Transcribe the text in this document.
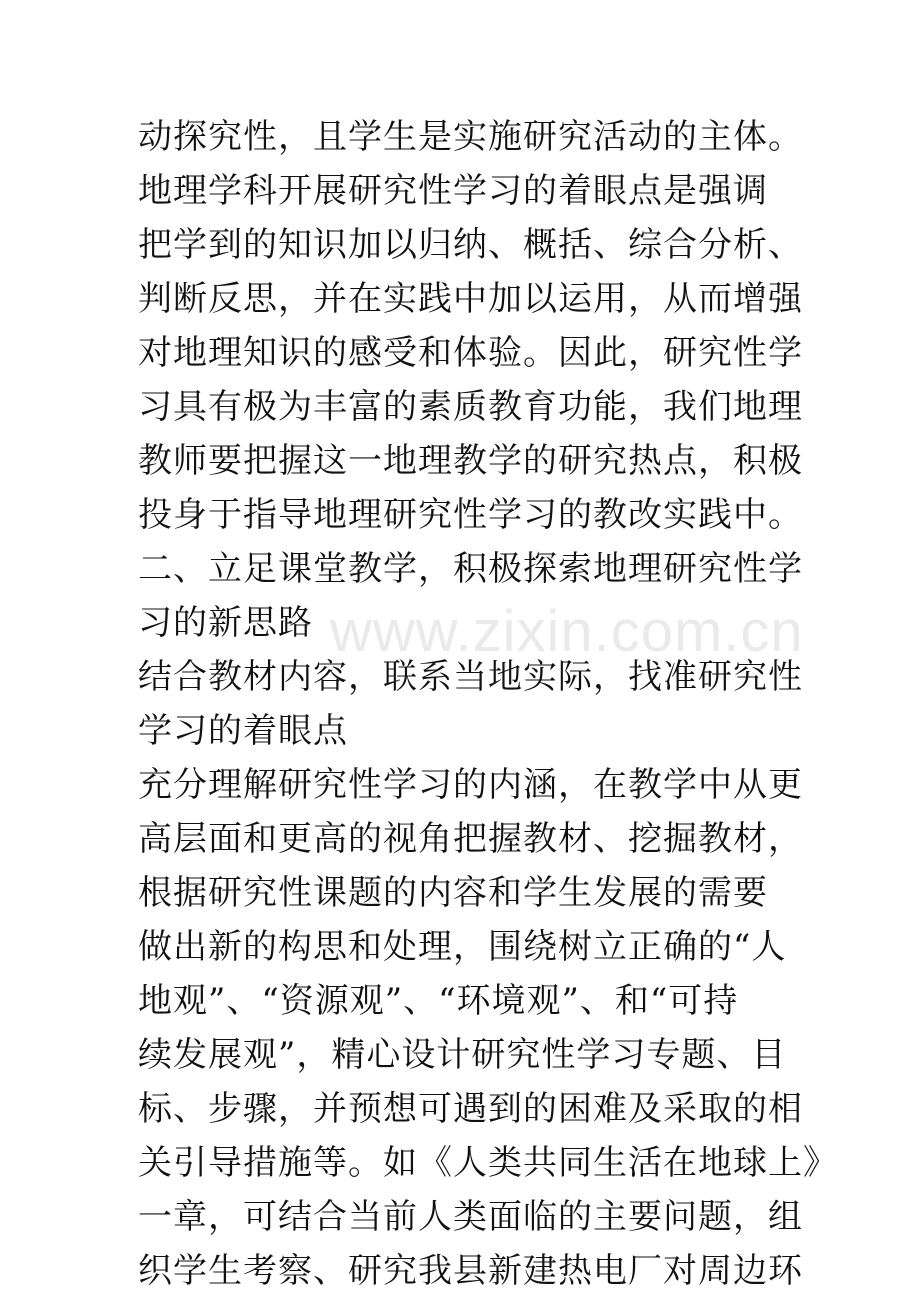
动探究性，且学生是实施研究活动的主体。
地理学科开展研究性学习的着眼点是强调
把学到的知识加以归纳、概括、综合分析、
判断反思，并在实践中加以运用，从而增强
对地理知识的感受和体验。因此，研究性学
习具有极为丰富的素质教育功能，我们地理
教师要把握这一地理教学的研究热点，积极
投身于指导地理研究性学习的教改实践中。
二、立足课堂教学，积极探索地理研究性学
习的新思路
结合教材内容，联系当地实际，找准研究性
学习的着眼点
充分理解研究性学习的内涵，在教学中从更
高层面和更高的视角把握教材、挖掘教材，
根据研究性课题的内容和学生发展的需要
做出新的构思和处理，围绕树立正确的“人
地观”、“资源观”、“环境观”、和“可持
续发展观”，精心设计研究性学习专题、目
标、步骤，并预想可遇到的困难及采取的相
关引导措施等。如《人类共同生活在地球上》
一章，可结合当前人类面临的主要问题，组
织学生考察、研究我县新建热电厂对周边环
www.zixin.com.cn
